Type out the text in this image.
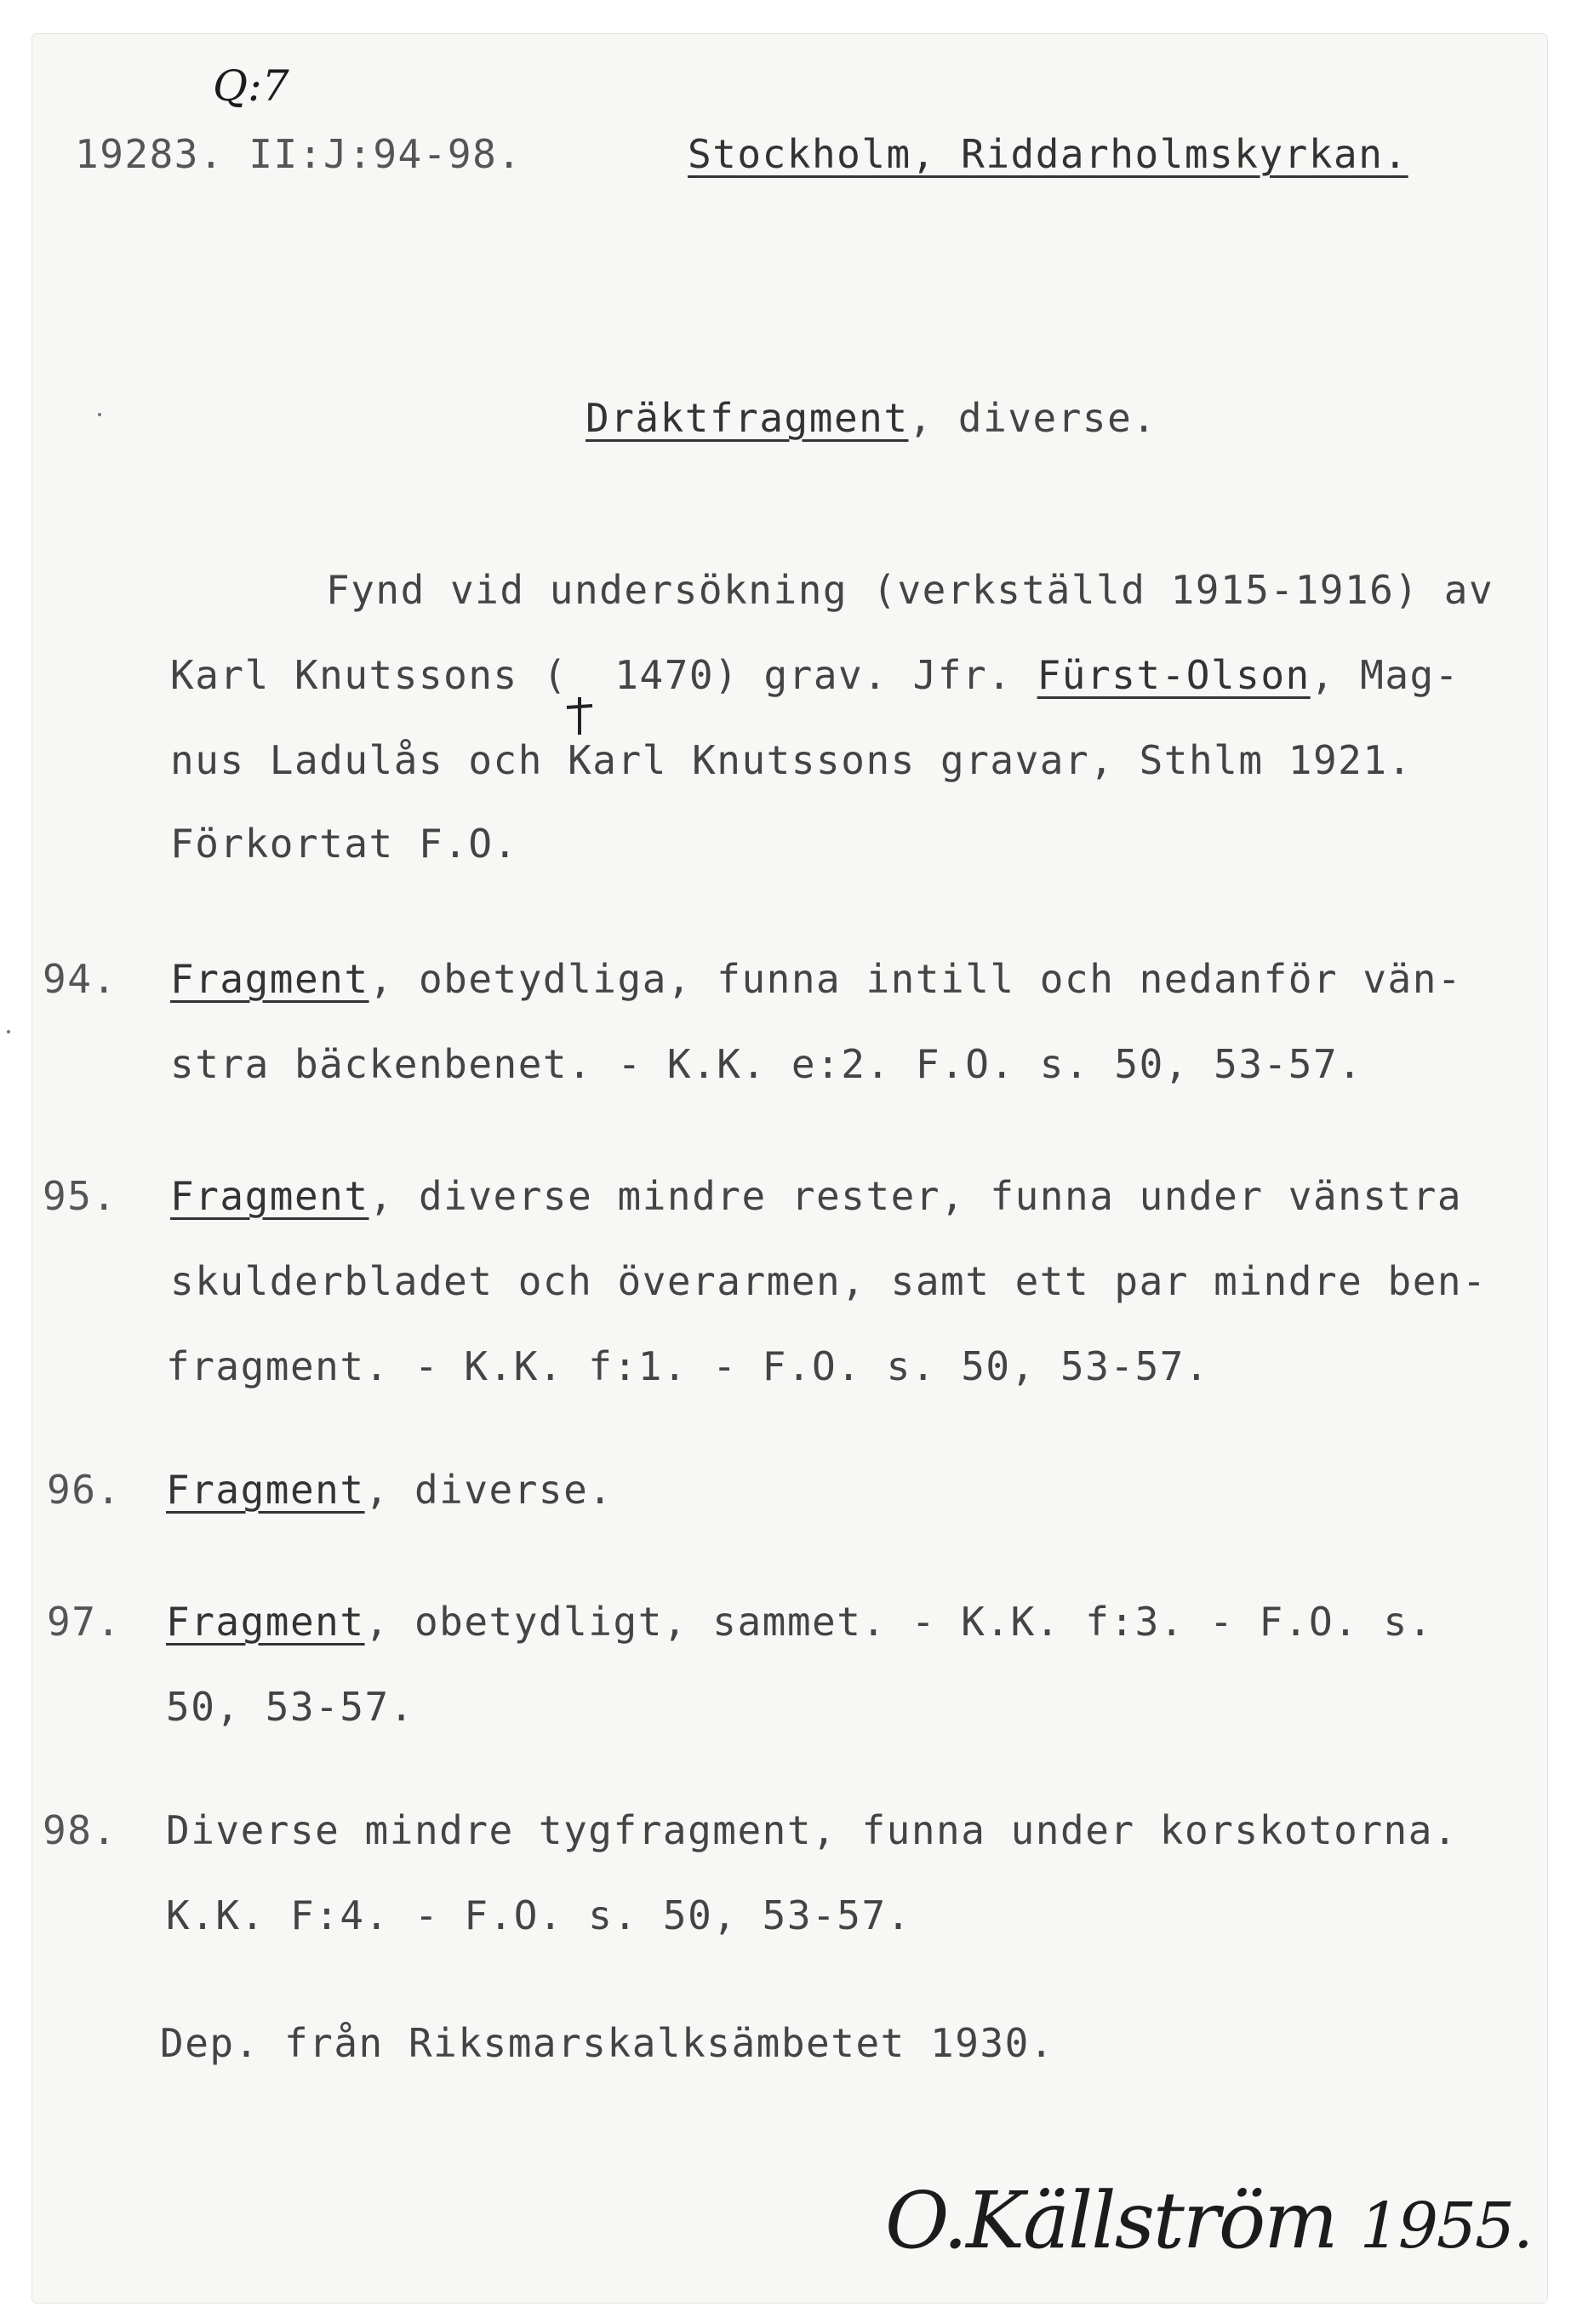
Q:7
19283. II:J:94-98.	Stockholm, Riddarholmskyrkan.
Dräktfragment, diverse.
Fynd vid undersökning (verkställd 1915-1916) av
Karl Knutssons ( 1470) grav. Jfr. Fürst-Olson, Mag-
nus Ladulås och Karl Knutssons gravar, Sthlm 1921.
Förkortat F.O.
94. Fragment, obetydliga, funna intill och nedanför vän-
stra bäckenbenet. - K.K. e:2. F.O. s. 50, 53-57.
95. Fragment, diverse mindre rester, funna under vänstra
skulderbladet och överarmen, samt ett par mindre ben-
fragment. - K.K. f:1. - F.O. s. 50, 53-57.
96. Fragment, diverse.
97. Fragment, obetydligt, sammet. - K.K. f:3. - F.O. s.
50, 53-57.
98. Diverse mindre tygfragment, funna under korskotorna.
K.K. F:4. - F.O. s. 50, 53-57.
Dep. från Riksmarskalksämbetet 1930.
O.Källström 1955.
